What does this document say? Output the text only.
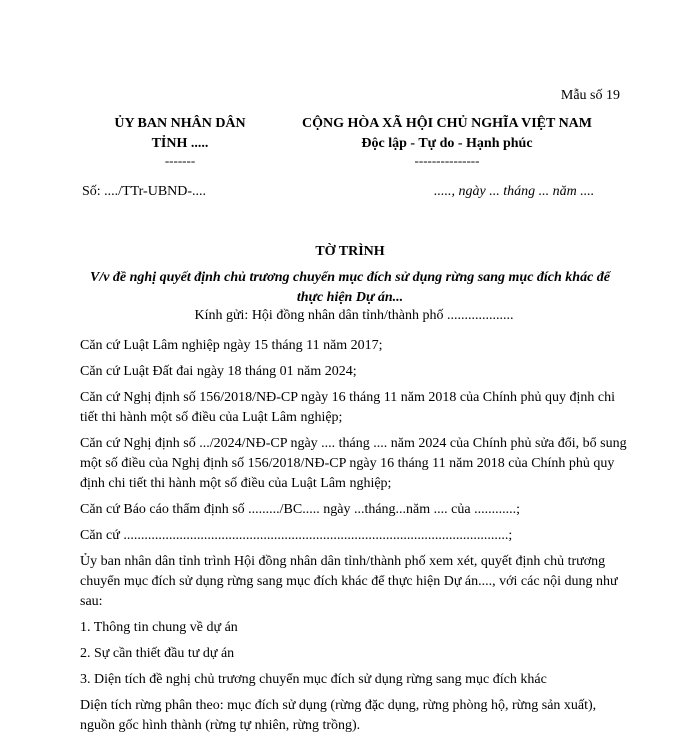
Mẫu số 19
ỦY BAN NHÂN DÂN
TỈNH .....
-------
CỘNG HÒA XÃ HỘI CHỦ NGHĨA VIỆT NAM
Độc lập - Tự do - Hạnh phúc
---------------
Số: ..../TTr-UBND-....	....., ngày ... tháng ... năm ....
TỜ TRÌNH
V/v đề nghị quyết định chủ trương chuyển mục đích sử dụng rừng sang mục đích khác để thực hiện Dự án...

Kính gửi: Hội đồng nhân dân tỉnh/thành phố ...................

Căn cứ Luật Lâm nghiệp ngày 15 tháng 11 năm 2017;

Căn cứ Luật Đất đai ngày 18 tháng 01 năm 2024;

Căn cứ Nghị định số 156/2018/NĐ-CP ngày 16 tháng 11 năm 2018 của Chính phủ quy định chi tiết thi hành một số điều của Luật Lâm nghiệp;

Căn cứ Nghị định số .../2024/NĐ-CP ngày .... tháng .... năm 2024 của Chính phủ sửa đổi, bổ sung một số điều của Nghị định số 156/2018/NĐ-CP ngày 16 tháng 11 năm 2018 của Chính phủ quy định chi tiết thi hành một số điều của Luật Lâm nghiệp;

Căn cứ Báo cáo thẩm định số ........./BC..... ngày ...tháng...năm .... của ............;

Căn cứ ..............................................................................................................;

Ủy ban nhân dân tỉnh trình Hội đồng nhân dân tỉnh/thành phố xem xét, quyết định chủ trương chuyển mục đích sử dụng rừng sang mục đích khác để thực hiện Dự án...., với các nội dung như sau:

1. Thông tin chung về dự án

2. Sự cần thiết đầu tư dự án

3. Diện tích đề nghị chủ trương chuyển mục đích sử dụng rừng sang mục đích khác

Diện tích rừng phân theo: mục đích sử dụng (rừng đặc dụng, rừng phòng hộ, rừng sản xuất), nguồn gốc hình thành (rừng tự nhiên, rừng trồng).
